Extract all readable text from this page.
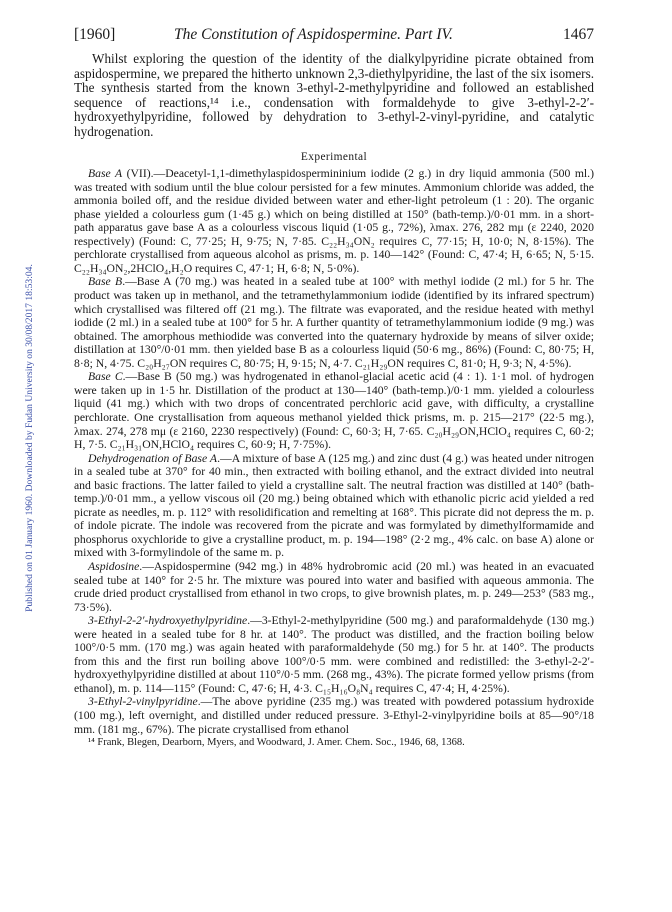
Published on 01 January 1960. Downloaded by Fudan University on 30/08/2017 18:53:04.
[1960]	The Constitution of Aspidospermine. Part IV.	1467

Whilst exploring the question of the identity of the dialkylpyridine picrate obtained from aspidospermine, we prepared the hitherto unknown 2,3-diethylpyridine, the last of the six isomers. The synthesis started from the known 3-ethyl-2-methylpyridine and followed an established sequence of reactions,¹⁴ i.e., condensation with formaldehyde to give 3-ethyl-2-2′-hydroxyethylpyridine, followed by dehydration to 3-ethyl-2-vinyl-pyridine, and catalytic hydrogenation.

Experimental

Base A (VII).—Deacetyl-1,1-dimethylaspidospermininium iodide (2 g.) in dry liquid ammonia (500 ml.) was treated with sodium until the blue colour persisted for a few minutes. Ammonium chloride was added, the ammonia boiled off, and the residue divided between water and ether-light petroleum (1 : 20). The organic phase yielded a colourless gum (1·45 g.) which on being distilled at 150° (bath-temp.)/0·01 mm. in a short-path apparatus gave base A as a colourless viscous liquid (1·05 g., 72%), λmax. 276, 282 mμ (ε 2240, 2020 respectively) (Found: C, 77·25; H, 9·75; N, 7·85. C₂₂H₃₄ON₂ requires C, 77·15; H, 10·0; N, 8·15%). The perchlorate crystallised from aqueous alcohol as prisms, m. p. 140—142° (Found: C, 47·4; H, 6·65; N, 5·15. C₂₂H₃₄ON₂,2HClO₄,H₂O requires C, 47·1; H, 6·8; N, 5·0%).

Base B.—Base A (70 mg.) was heated in a sealed tube at 100° with methyl iodide (2 ml.) for 5 hr. The product was taken up in methanol, and the tetramethylammonium iodide (identified by its infrared spectrum) which crystallised was filtered off (21 mg.). The filtrate was evaporated, and the residue heated with methyl iodide (2 ml.) in a sealed tube at 100° for 5 hr. A further quantity of tetramethylammonium iodide (9 mg.) was obtained. The amorphous methiodide was converted into the quaternary hydroxide by means of silver oxide; distillation at 130°/0·01 mm. then yielded base B as a colourless liquid (50·6 mg., 86%) (Found: C, 80·75; H, 8·8; N, 4·75. C₂₀H₂₇ON requires C, 80·75; H, 9·15; N, 4·7. C₂₁H₂₉ON requires C, 81·0; H, 9·3; N, 4·5%).

Base C.—Base B (50 mg.) was hydrogenated in ethanol-glacial acetic acid (4 : 1). 1·1 mol. of hydrogen were taken up in 1·5 hr. Distillation of the product at 130—140° (bath-temp.)/0·1 mm. yielded a colourless liquid (41 mg.) which with two drops of concentrated perchloric acid gave, with difficulty, a crystalline perchlorate. One crystallisation from aqueous methanol yielded thick prisms, m. p. 215—217° (22·5 mg.), λmax. 274, 278 mμ (ε 2160, 2230 respectively) (Found: C, 60·3; H, 7·65. C₂₀H₂₉ON,HClO₄ requires C, 60·2; H, 7·5. C₂₁H₃₁ON,HClO₄ requires C, 60·9; H, 7·75%).

Dehydrogenation of Base A.—A mixture of base A (125 mg.) and zinc dust (4 g.) was heated under nitrogen in a sealed tube at 370° for 40 min., then extracted with boiling ethanol, and the extract divided into neutral and basic fractions. The latter failed to yield a crystalline salt. The neutral fraction was distilled at 140° (bath-temp.)/0·01 mm., a yellow viscous oil (20 mg.) being obtained which with ethanolic picric acid yielded a red picrate as needles, m. p. 112° with resolidification and remelting at 168°. This picrate did not depress the m. p. of indole picrate. The indole was recovered from the picrate and was formylated by dimethylformamide and phosphorus oxychloride to give a crystalline product, m. p. 194—198° (2·2 mg., 4% calc. on base A) alone or mixed with 3-formylindole of the same m. p.

Aspidosine.—Aspidospermine (942 mg.) in 48% hydrobromic acid (20 ml.) was heated in an evacuated sealed tube at 140° for 2·5 hr. The mixture was poured into water and basified with aqueous ammonia. The crude dried product crystallised from ethanol in two crops, to give brownish plates, m. p. 249—253° (583 mg., 73·5%).

3-Ethyl-2-2′-hydroxyethylpyridine.—3-Ethyl-2-methylpyridine (500 mg.) and paraformaldehyde (130 mg.) were heated in a sealed tube for 8 hr. at 140°. The product was distilled, and the fraction boiling below 100°/0·5 mm. (170 mg.) was again heated with paraformaldehyde (50 mg.) for 5 hr. at 140°. The products from this and the first run boiling above 100°/0·5 mm. were combined and redistilled: the 3-ethyl-2-2′-hydroxyethylpyridine distilled at about 110°/0·5 mm. (268 mg., 43%). The picrate formed yellow prisms (from ethanol), m. p. 114—115° (Found: C, 47·6; H, 4·3. C₁₅H₁₆O₈N₄ requires C, 47·4; H, 4·25%).

3-Ethyl-2-vinylpyridine.—The above pyridine (235 mg.) was treated with powdered potassium hydroxide (100 mg.), left overnight, and distilled under reduced pressure. 3-Ethyl-2-vinylpyridine boils at 85—90°/18 mm. (181 mg., 67%). The picrate crystallised from ethanol

¹⁴ Frank, Blegen, Dearborn, Myers, and Woodward, J. Amer. Chem. Soc., 1946, 68, 1368.
